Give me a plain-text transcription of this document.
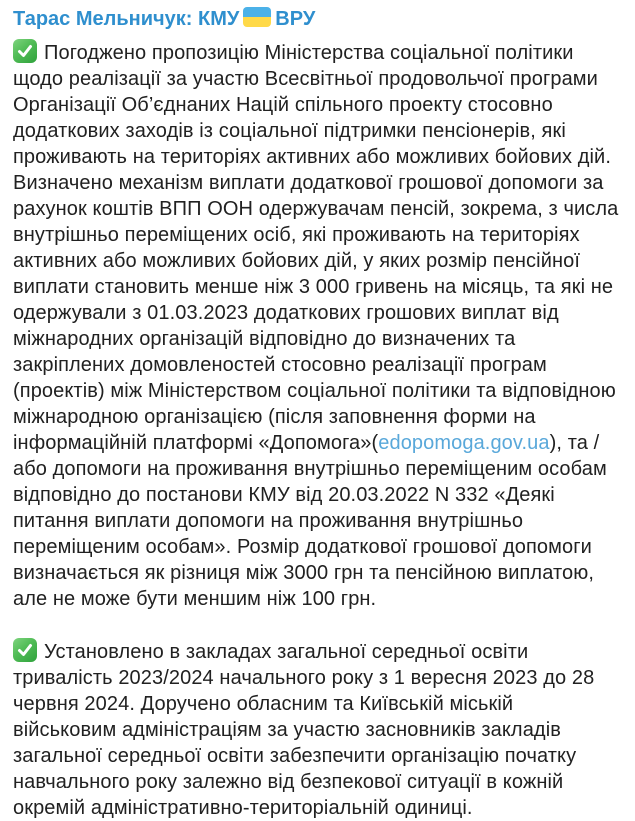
Тарас Мельничук: КМУ ВРУ

Погоджено пропозицію Міністерства соціальної політики щодо реалізації за участю Всесвітньої продовольчої програми Організації Об’єднаних Націй спільного проекту стосовно додаткових заходів із соціальної підтримки пенсіонерів, які проживають на територіях активних або можливих бойових дій. Визначено механізм виплати додаткової грошової допомоги за рахунок коштів ВПП ООН одержувачам пенсій, зокрема, з числа внутрішньо переміщених осіб, які проживають на територіях активних або можливих бойових дій, у яких розмір пенсійної виплати становить менше ніж 3 000 гривень на місяць, та які не одержували з 01.03.2023 додаткових грошових виплат від міжнародних організацій відповідно до визначених та закріплених домовленостей стосовно реалізації програм (проектів) між Міністерством соціальної політики та відповідною міжнародною організацією (після заповнення форми на інформаційній платформі «Допомога»(edopomoga.gov.ua), та / або допомоги на проживання внутрішньо переміщеним особам відповідно до постанови КМУ від 20.03.2022 N 332 «Деякі питання виплати допомоги на проживання внутрішньо переміщеним особам». Розмір додаткової грошової допомоги визначається як різниця між 3000 грн та пенсійною виплатою, але не може бути меншим ніж 100 грн.

Установлено в закладах загальної середньої освіти тривалість 2023/2024 начального року з 1 вересня 2023 до 28 червня 2024. Доручено обласним та Київській міській військовим адміністраціям за участю засновників закладів загальної середньої освіти забезпечити організацію початку навчального року залежно від безпекової ситуації в кожній окремій адміністративно-територіальній одиниці.
